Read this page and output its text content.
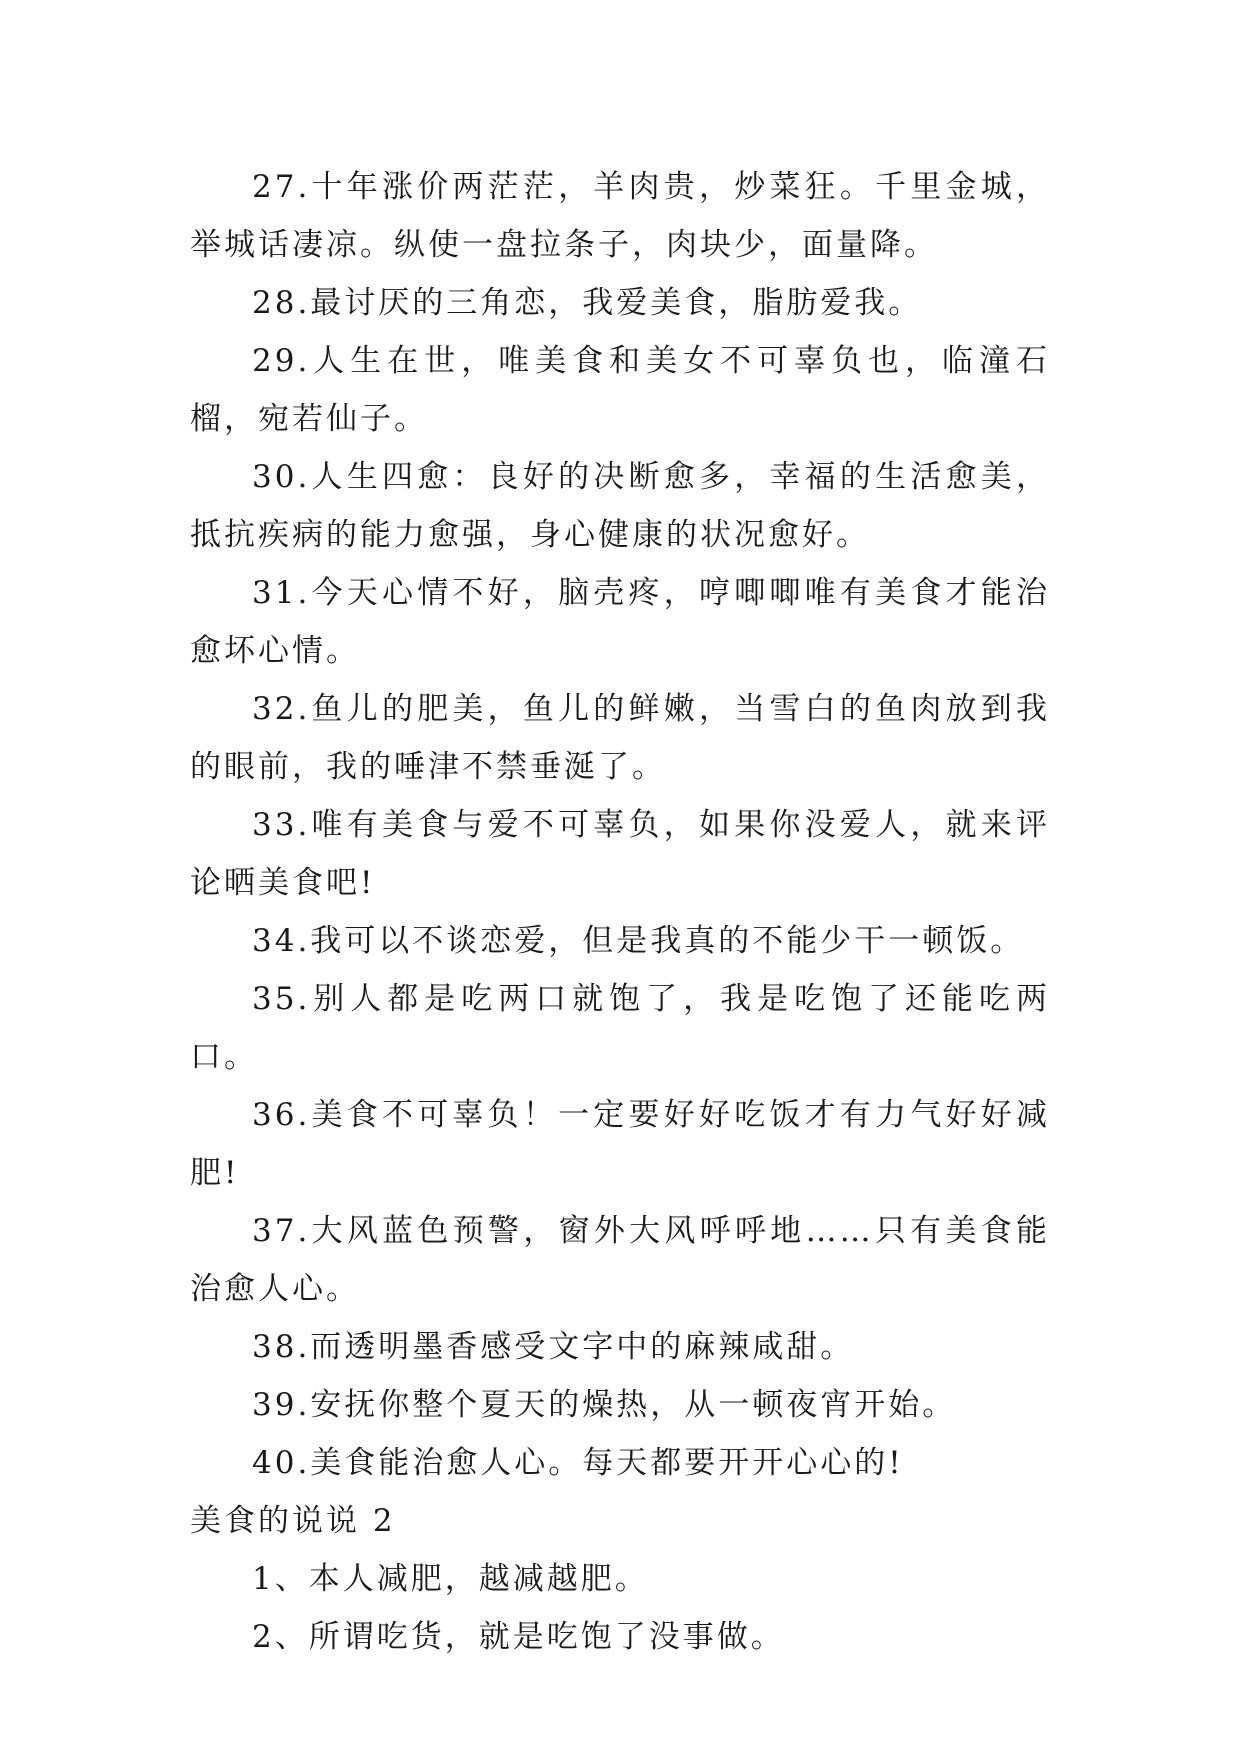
27.十年涨价两茫茫，羊肉贵，炒菜狂。千里金城，举城话凄凉。纵使一盘拉条子，肉块少，面量降。

28.最讨厌的三角恋，我爱美食，脂肪爱我。

29.人生在世，唯美食和美女不可辜负也，临潼石榴，宛若仙子。

30.人生四愈：良好的决断愈多，幸福的生活愈美，抵抗疾病的能力愈强，身心健康的状况愈好。

31.今天心情不好，脑壳疼，哼唧唧唯有美食才能治愈坏心情。

32.鱼儿的肥美，鱼儿的鲜嫩，当雪白的鱼肉放到我的眼前，我的唾津不禁垂涎了。

33.唯有美食与爱不可辜负，如果你没爱人，就来评论晒美食吧!

34.我可以不谈恋爱，但是我真的不能少干一顿饭。

35.别人都是吃两口就饱了，我是吃饱了还能吃两口。

36.美食不可辜负！一定要好好吃饭才有力气好好减肥!

37.大风蓝色预警，窗外大风呼呼地……只有美食能治愈人心。

38.而透明墨香感受文字中的麻辣咸甜。

39.安抚你整个夏天的燥热，从一顿夜宵开始。

40.美食能治愈人心。每天都要开开心心的!

美食的说说 2

1、本人减肥，越减越肥。

2、所谓吃货，就是吃饱了没事做。
